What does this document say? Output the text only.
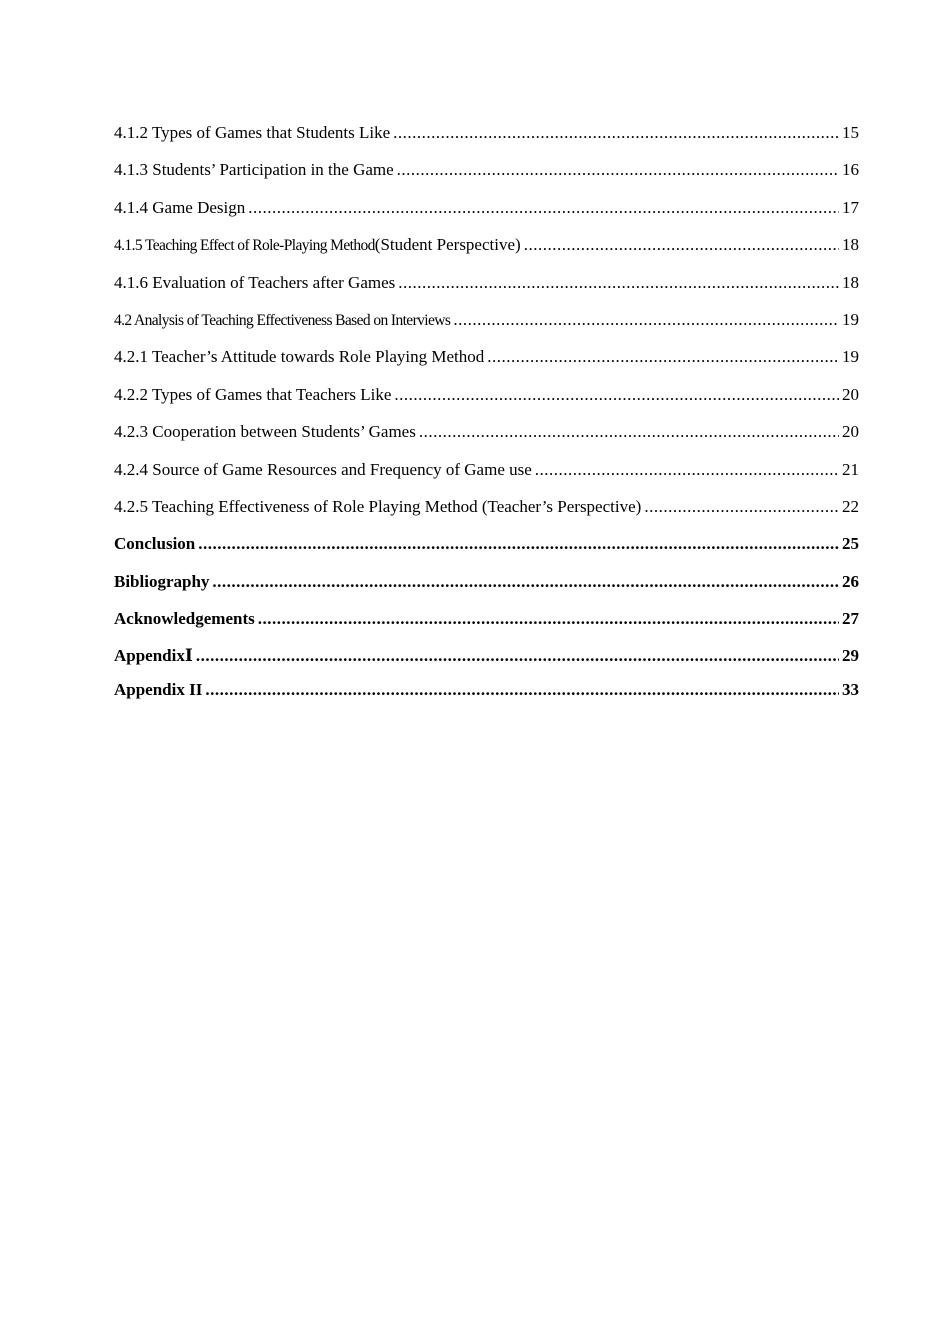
4.1.2 Types of Games that Students Like .....	15
4.1.3 Students’ Participation in the Game .....	16
4.1.4 Game Design .....	17
4.1.5 Teaching Effect of Role-Playing Method (Student Perspective) .....	18
4.1.6 Evaluation of Teachers after Games .....	18
4.2 Analysis of Teaching Effectiveness Based on Interviews .....	19
4.2.1 Teacher’s Attitude towards Role Playing Method .....	19
4.2.2 Types of Games that Teachers Like .....	20
4.2.3 Cooperation between Students’ Games .....	20
4.2.4 Source of Game Resources and Frequency of Game use .....	21
4.2.5 Teaching Effectiveness of Role Playing Method (Teacher’s Perspective) .....	22
Conclusion .....	25
Bibliography .....	26
Acknowledgements .....	27
AppendixⅠ .....	29
Appendix II .....	33
